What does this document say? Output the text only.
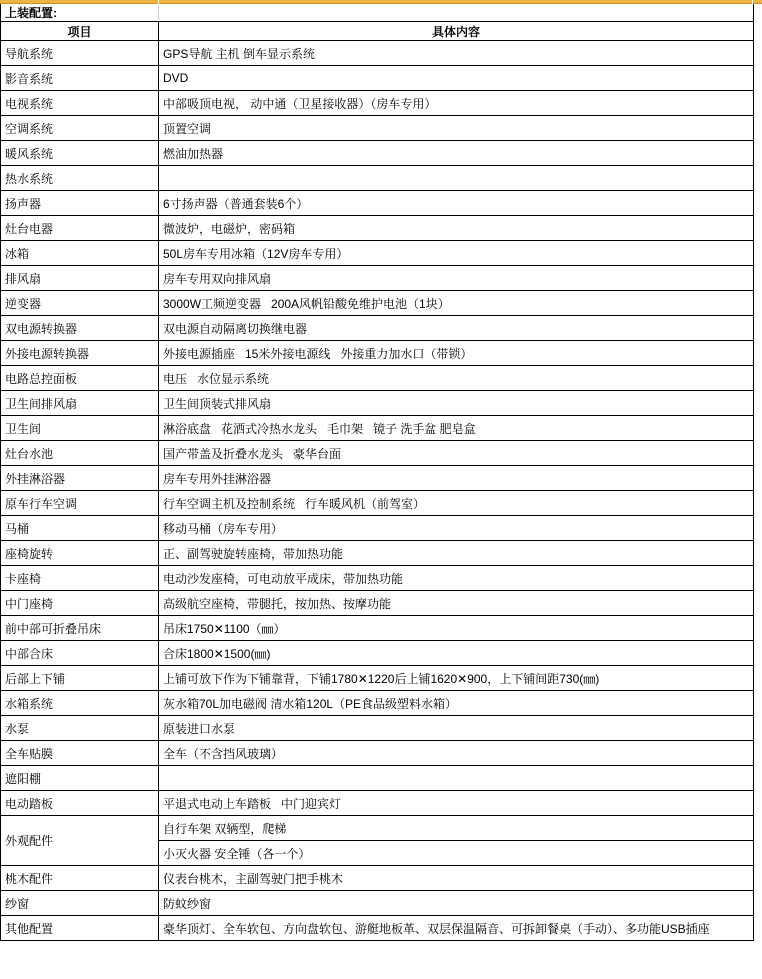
上装配置:	
项目	具体内容
导航系统	GPS导航 主机 倒车显示系统
影音系统	DVD
电视系统	中部吸顶电视， 动中通（卫星接收器）（房车专用）
空调系统	顶置空调
暖风系统	燃油加热器
热水系统	
扬声器	6寸扬声器（普通套装6个）
灶台电器	微波炉，电磁炉，密码箱
冰箱	50L房车专用冰箱（12V房车专用）
排风扇	房车专用双向排风扇
逆变器	3000W工频逆变器   200A风帆铅酸免维护电池（1块）
双电源转换器	双电源自动隔离切换继电器
外接电源转换器	外接电源插座   15米外接电源线   外接重力加水口（带锁）
电路总控面板	电压   水位显示系统
卫生间排风扇	卫生间顶装式排风扇
卫生间	淋浴底盘   花洒式冷热水龙头   毛巾架   镜子 洗手盆 肥皂盒
灶台水池	国产带盖及折叠水龙头   豪华台面
外挂淋浴器	房车专用外挂淋浴器
原车行车空调	行车空调主机及控制系统   行车暖风机（前驾室）
马桶	移动马桶（房车专用）
座椅旋转	正、副驾驶旋转座椅，带加热功能
卡座椅	电动沙发座椅，可电动放平成床，带加热功能
中门座椅	高级航空座椅，带腿托，按加热、按摩功能
前中部可折叠吊床	吊床1750✕1100（㎜）
中部合床	合床1800✕1500(㎜)
后部上下铺	上铺可放下作为下铺靠背，下铺1780✕1220后上铺1620✕900，上下铺间距730(㎜)
水箱系统	灰水箱70L加电磁阀 清水箱120L（PE食品级塑料水箱）
水泵	原装进口水泵
全车贴膜	全车（不含挡风玻璃）
遮阳棚	
电动踏板	平退式电动上车踏板   中门迎宾灯
外观配件	自行车架 双辆型，爬梯
	小灭火器 安全锤（各一个）
桃木配件	仪表台桃木，主副驾驶门把手桃木
纱窗	防蚊纱窗
其他配置	豪华顶灯、全车软包、方向盘软包、游艇地板革、双层保温隔音、可拆卸餐桌（手动）、多功能USB插座
